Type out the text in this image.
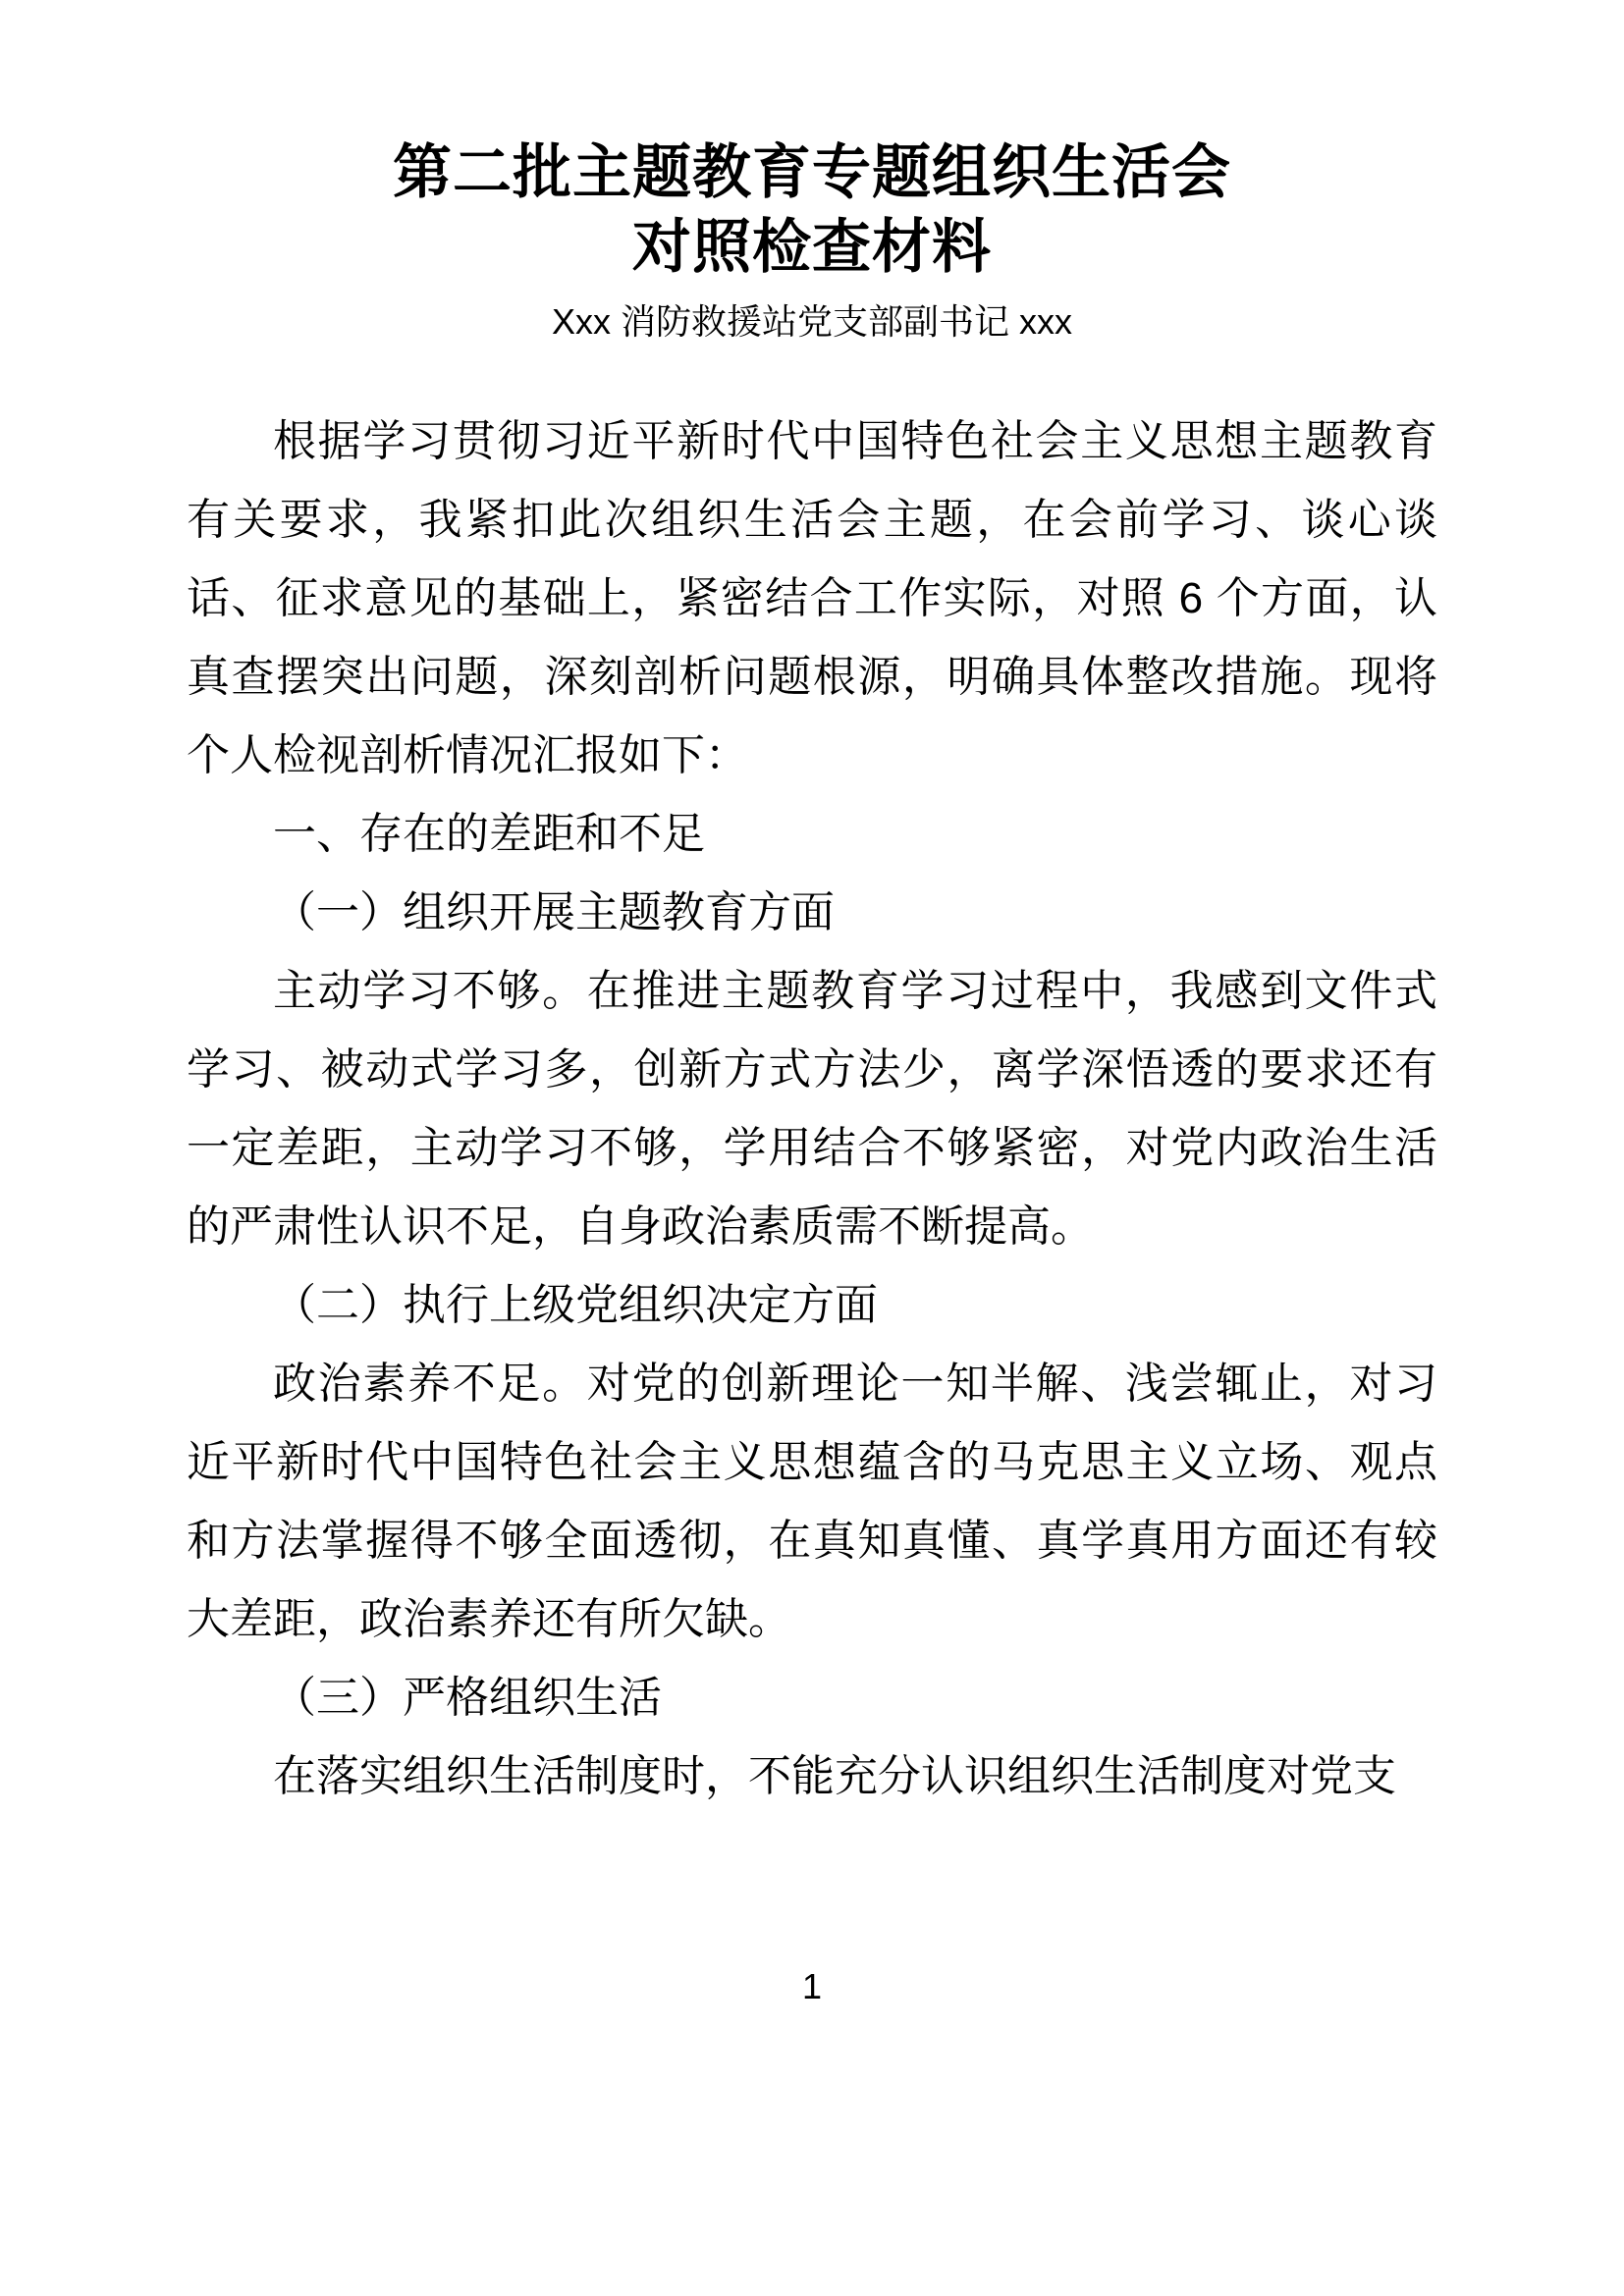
第二批主题教育专题组织生活会
对照检查材料
Xxx 消防救援站党支部副书记 xxx

根据学习贯彻习近平新时代中国特色社会主义思想主题教育有关要求，我紧扣此次组织生活会主题，在会前学习、谈心谈话、征求意见的基础上，紧密结合工作实际，对照 6 个方面，认真查摆突出问题，深刻剖析问题根源，明确具体整改措施。现将个人检视剖析情况汇报如下：

一、存在的差距和不足

（一）组织开展主题教育方面

主动学习不够。在推进主题教育学习过程中，我感到文件式学习、被动式学习多，创新方式方法少，离学深悟透的要求还有一定差距，主动学习不够，学用结合不够紧密，对党内政治生活的严肃性认识不足，自身政治素质需不断提高。

（二）执行上级党组织决定方面

政治素养不足。对党的创新理论一知半解、浅尝辄止，对习近平新时代中国特色社会主义思想蕴含的马克思主义立场、观点和方法掌握得不够全面透彻，在真知真懂、真学真用方面还有较大差距，政治素养还有所欠缺。

（三）严格组织生活

在落实组织生活制度时，不能充分认识组织生活制度对党支

1
